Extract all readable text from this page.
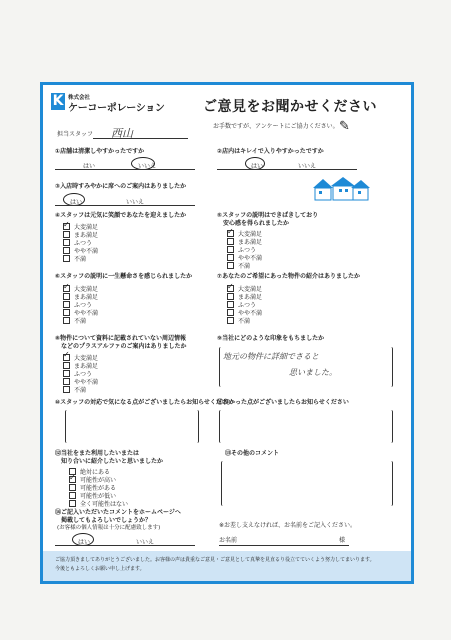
K 株式会社
ケーコーポレーション	ご意見をお聞かせください
お手数ですが、アンケートにご協力ください。 ✎
担当スタッフ 西山
①店舗は清潔しやすかったですか
はい	いいえ
②店内はキレイで入りやすかったですか
はい	いいえ
③入店時すみやかに席へのご案内はありましたか
はい	いいえ
④スタッフは元気に笑顔であなたを迎えましたか
大変満足
まあ満足
ふつう
やや不満
不満
✓
⑤スタッフの説明はできぱきしており
安心感を得られましたか
大変満足
まあ満足
ふつう
やや不満
不満
✓
⑥スタッフの説明に一生懸命さを感じられましたか
大変満足
まあ満足
ふつう
やや不満
不満
✓
⑦あなたのご希望にあった物件の紹介はありましたか
大変満足
まあ満足
ふつう
やや不満
不満
✓
⑧物件について資料に記載されていない周辺情報
などのプラスアルファのご案内はありましたか
大変満足
まあ満足
ふつう
やや不満
不満
✓
⑨当社にどのような印象をもちましたか
地元の物件に詳細でさると
思いました。
⑩スタッフの対応で気になる点がございましたらお知らせください
⑪良かった点がございましたらお知らせください
⑫当社をまた利用したいまたは
知り合いに紹介したいと思いましたか
絶対にある
可能性が高い
可能性がある
可能性が低い
全く可能性はない
✓
⑬その他のコメント
⑭ご記入いただいたコメントをホームページへ
掲載してもよろしいでしょうか？
(お客様の個人情報は十分に配慮致します)
はい	いいえ
※お差し支えなければ、お名前をご記入ください。
お名前	様
ご協力頂きましてありがとうございました。お客様の声は貴重なご意見・ご意見として真摯を見直るり役立てていくよう努力してまいります。
今後ともよろしくお願い申し上げます。
